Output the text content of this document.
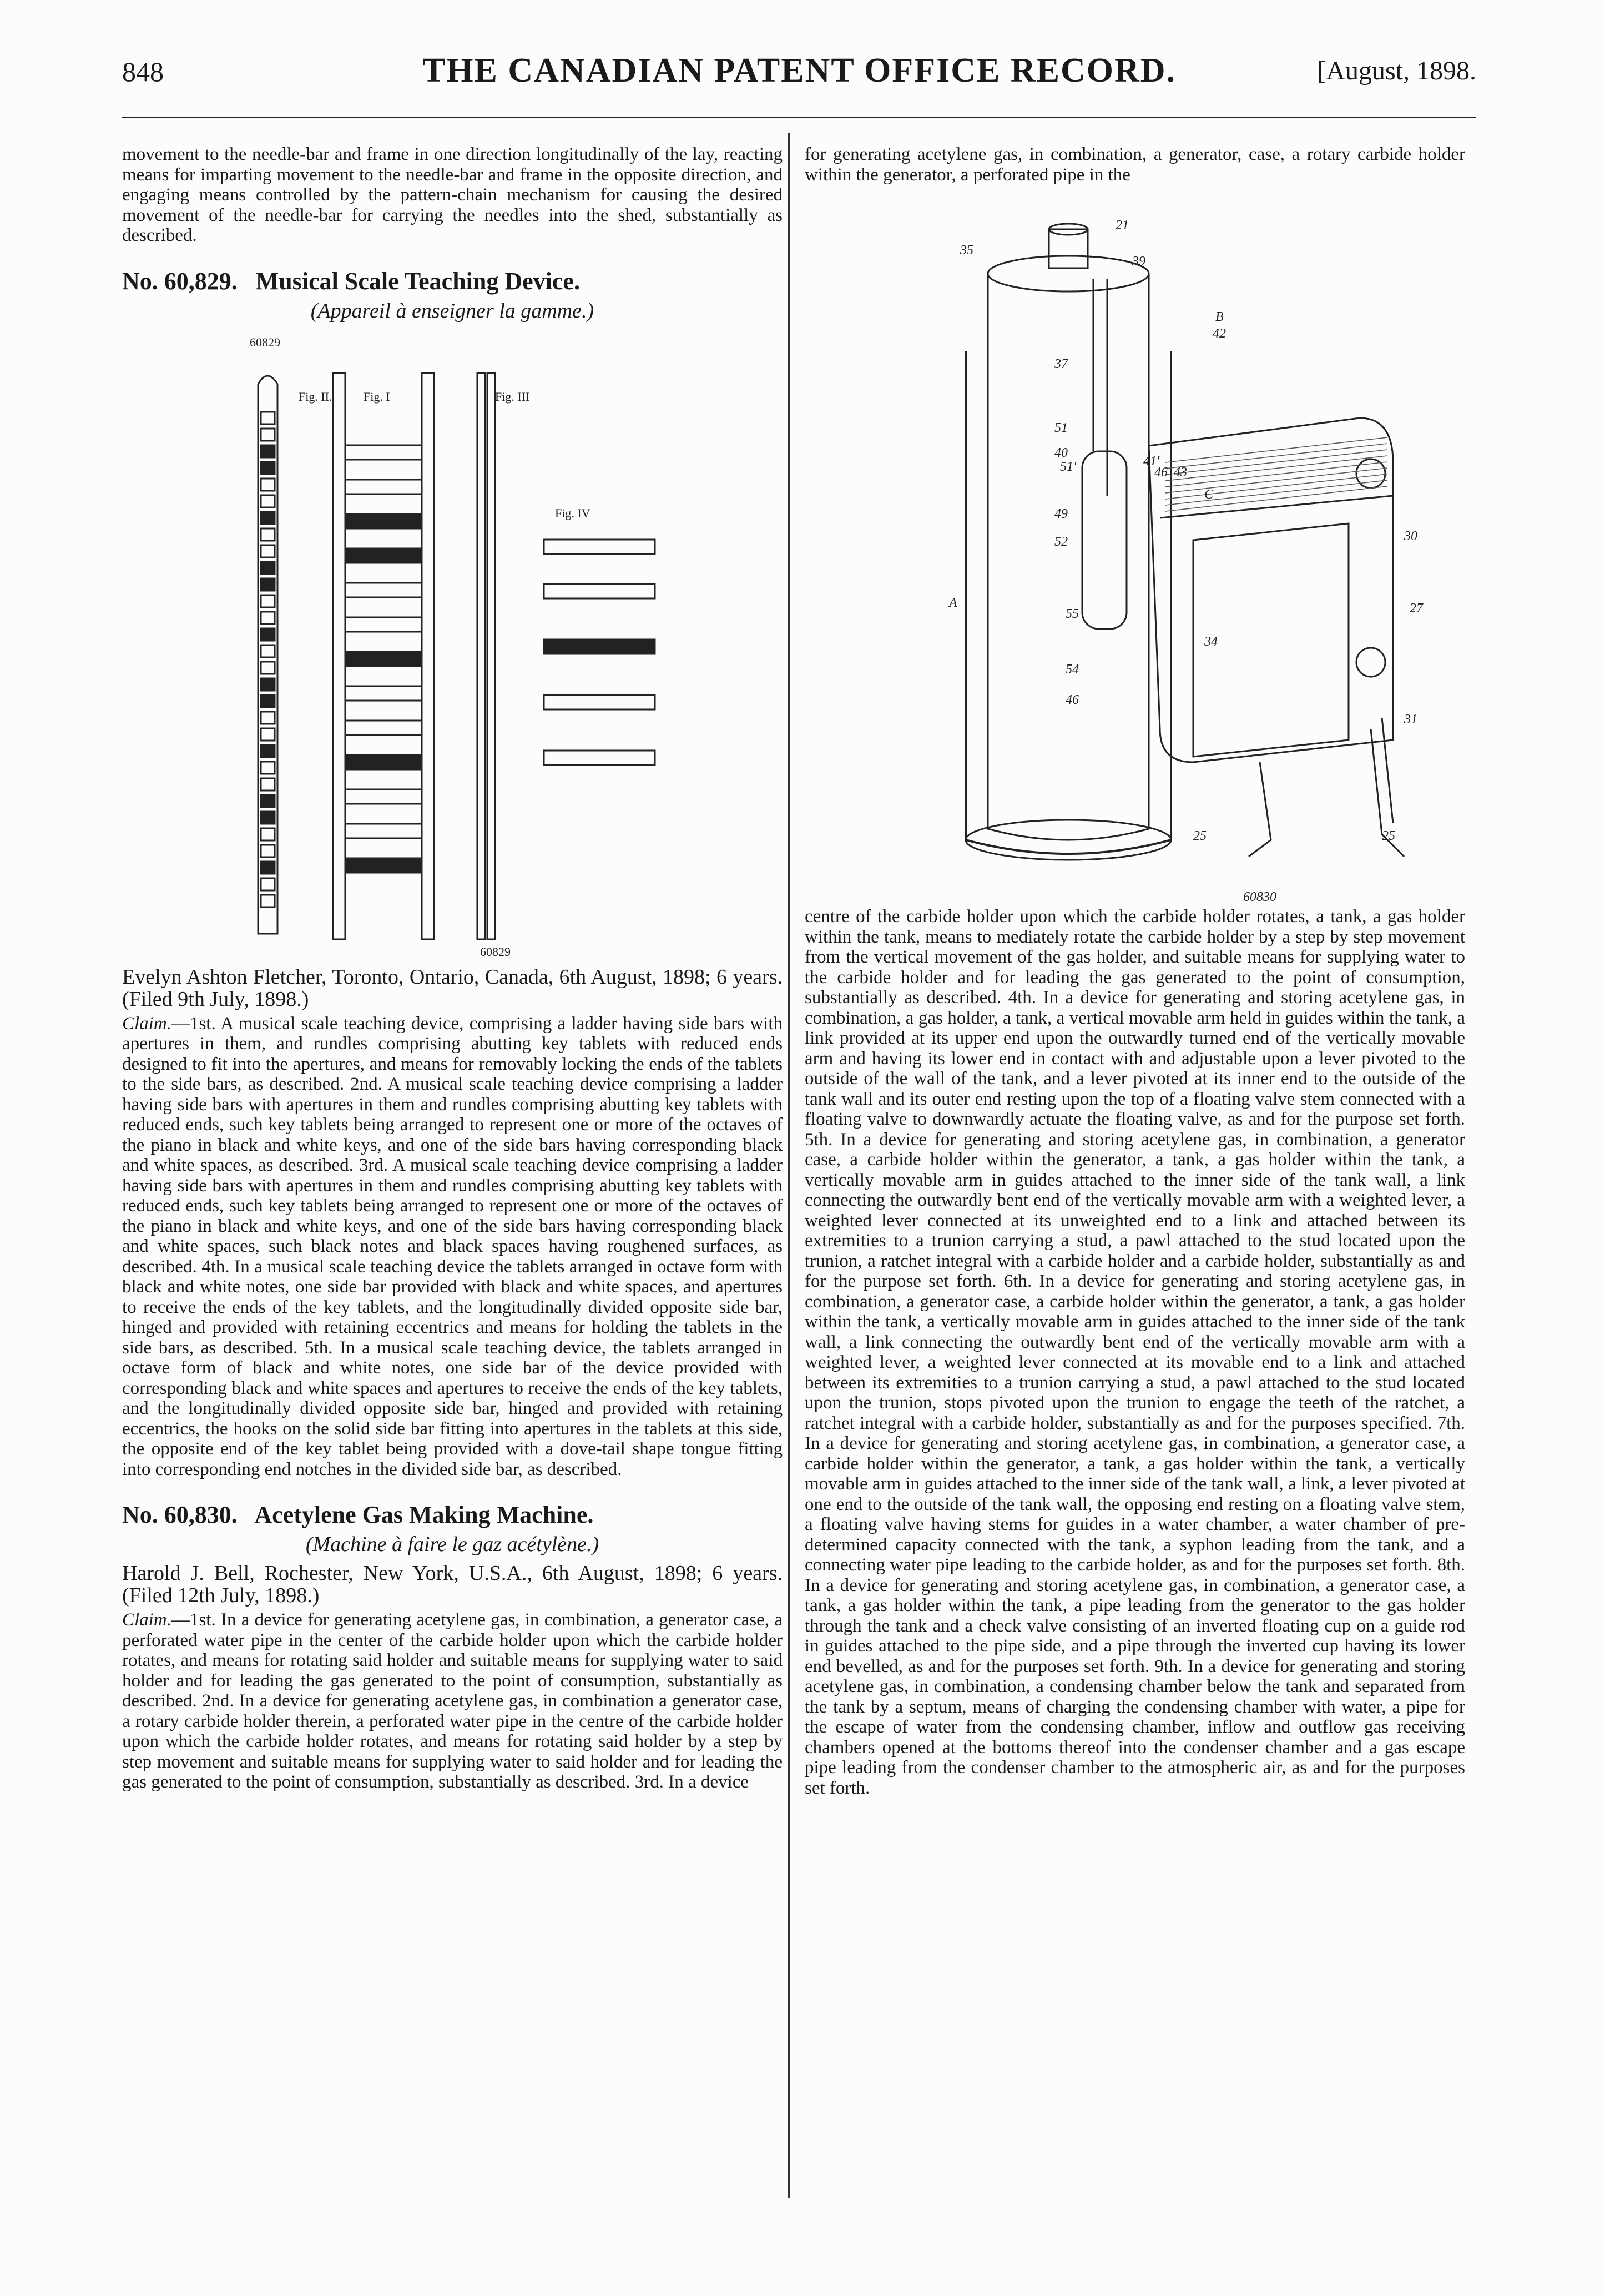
848	THE CANADIAN PATENT OFFICE RECORD.	[August, 1898.

movement to the needle-bar and frame in one direction longitudinally of the lay, reacting means for imparting movement to the needle-bar and frame in the opposite direction, and engaging means controlled by the pattern-chain mechanism for causing the desired movement of the needle-bar for carrying the needles into the shed, substantially as described.

No. 60,829. Musical Scale Teaching Device.
(Appareil à enseigner la gamme.)
60829
60829
Fig. II.	Fig. I	Fig. III
Fig. IV

Evelyn Ashton Fletcher, Toronto, Ontario, Canada, 6th August, 1898; 6 years. (Filed 9th July, 1898.)

Claim.—1st. A musical scale teaching device, comprising a ladder having side bars with apertures in them, and rundles comprising abutting key tablets with reduced ends designed to fit into the apertures, and means for removably locking the ends of the tablets to the side bars, as described. 2nd. A musical scale teaching device comprising a ladder having side bars with apertures in them and rundles comprising abutting key tablets with reduced ends, such key tablets being arranged to represent one or more of the octaves of the piano in black and white keys, and one of the side bars having corresponding black and white spaces, as described. 3rd. A musical scale teaching device comprising a ladder having side bars with apertures in them and rundles comprising abutting key tablets with reduced ends, such key tablets being arranged to represent one or more of the octaves of the piano in black and white keys, and one of the side bars having corresponding black and white spaces, such black notes and black spaces having roughened surfaces, as described. 4th. In a musical scale teaching device the tablets arranged in octave form with black and white notes, one side bar provided with black and white spaces, and apertures to receive the ends of the key tablets, and the longitudinally divided opposite side bar, hinged and provided with retaining eccentrics and means for holding the tablets in the side bars, as described. 5th. In a musical scale teaching device, the tablets arranged in octave form of black and white notes, one side bar of the device provided with corresponding black and white spaces and apertures to receive the ends of the key tablets, and the longitudinally divided opposite side bar, hinged and provided with retaining eccentrics, the hooks on the solid side bar fitting into apertures in the tablets at this side, the opposite end of the key tablet being provided with a dove-tail shape tongue fitting into corresponding end notches in the divided side bar, as described.

No. 60,830. Acetylene Gas Making Machine.
(Machine à faire le gaz acétylène.)

Harold J. Bell, Rochester, New York, U.S.A., 6th August, 1898; 6 years. (Filed 12th July, 1898.)

Claim.—1st. In a device for generating acetylene gas, in combination, a generator case, a perforated water pipe in the center of the carbide holder upon which the carbide holder rotates, and means for rotating said holder and suitable means for supplying water to said holder and for leading the gas generated to the point of consumption, substantially as described. 2nd. In a device for generating acetylene gas, in combination a generator case, a rotary carbide holder therein, a perforated water pipe in the centre of the carbide holder upon which the carbide holder rotates, and means for rotating said holder by a step by step movement and suitable means for supplying water to said holder and for leading the gas generated to the point of consumption, substantially as described. 3rd. In a device

for generating acetylene gas, in combination, a generator, case, a rotary carbide holder within the generator, a perforated pipe in the

35
21
39
B
42
37
51
40
51'	41'
46 43
C
49
52	30
A
55	27
54
34
46
31
25	25
60830

centre of the carbide holder upon which the carbide holder rotates, a tank, a gas holder within the tank, means to mediately rotate the carbide holder by a step by step movement from the vertical movement of the gas holder, and suitable means for supplying water to the carbide holder and for leading the gas generated to the point of consumption, substantially as described. 4th. In a device for generating and storing acetylene gas, in combination, a gas holder, a tank, a vertical movable arm held in guides within the tank, a link provided at its upper end upon the outwardly turned end of the vertically movable arm and having its lower end in contact with and adjustable upon a lever pivoted to the outside of the wall of the tank, and a lever pivoted at its inner end to the outside of the tank wall and its outer end resting upon the top of a floating valve stem connected with a floating valve to downwardly actuate the floating valve, as and for the purpose set forth. 5th. In a device for generating and storing acetylene gas, in combination, a generator case, a carbide holder within the generator, a tank, a gas holder within the tank, a vertically movable arm in guides attached to the inner side of the tank wall, a link connecting the outwardly bent end of the vertically movable arm with a weighted lever, a weighted lever connected at its unweighted end to a link and attached between its extremities to a trunion carrying a stud, a pawl attached to the stud located upon the trunion, a ratchet integral with a carbide holder and a carbide holder, substantially as and for the purpose set forth. 6th. In a device for generating and storing acetylene gas, in combination, a generator case, a carbide holder within the generator, a tank, a gas holder within the tank, a vertically movable arm in guides attached to the inner side of the tank wall, a link connecting the outwardly bent end of the vertically movable arm with a weighted lever, a weighted lever connected at its movable end to a link and attached between its extremities to a trunion carrying a stud, a pawl attached to the stud located upon the trunion, stops pivoted upon the trunion to engage the teeth of the ratchet, a ratchet integral with a carbide holder, substantially as and for the purposes specified. 7th. In a device for generating and storing acetylene gas, in combination, a generator case, a carbide holder within the generator, a tank, a gas holder within the tank, a vertically movable arm in guides attached to the inner side of the tank wall, a link, a lever pivoted at one end to the outside of the tank wall, the opposing end resting on a floating valve stem, a floating valve having stems for guides in a water chamber, a water chamber of pre-determined capacity connected with the tank, a syphon leading from the tank, and a connecting water pipe leading to the carbide holder, as and for the purposes set forth. 8th. In a device for generating and storing acetylene gas, in combination, a generator case, a tank, a gas holder within the tank, a pipe leading from the generator to the gas holder through the tank and a check valve consisting of an inverted floating cup on a guide rod in guides attached to the pipe side, and a pipe through the inverted cup having its lower end bevelled, as and for the purposes set forth. 9th. In a device for generating and storing acetylene gas, in combination, a condensing chamber below the tank and separated from the tank by a septum, means of charging the condensing chamber with water, a pipe for the escape of water from the condensing chamber, inflow and outflow gas receiving chambers opened at the bottoms thereof into the condenser chamber and a gas escape pipe leading from the condenser chamber to the atmospheric air, as and for the purposes set forth.
